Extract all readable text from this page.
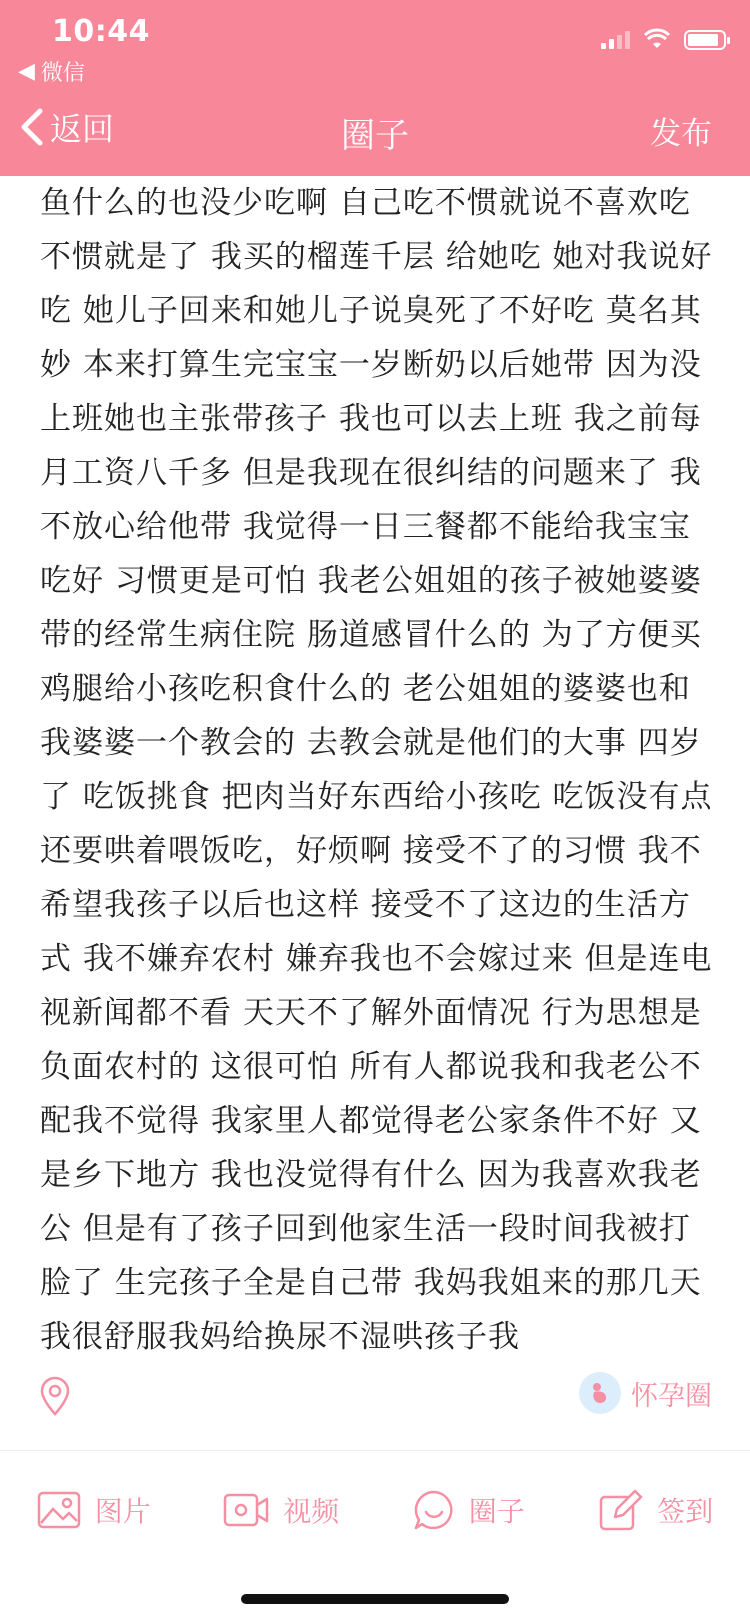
10:44
◀ 微信
返回	圈子	发布
鱼什么的也没少吃啊 自己吃不惯就说不喜欢吃不惯就是了 我买的榴莲千层 给她吃 她对我说好吃 她儿子回来和她儿子说臭死了不好吃 莫名其妙 本来打算生完宝宝一岁断奶以后她带 因为没上班她也主张带孩子 我也可以去上班 我之前每月工资八千多 但是我现在很纠结的问题来了 我不放心给他带 我觉得一日三餐都不能给我宝宝吃好 习惯更是可怕 我老公姐姐的孩子被她婆婆带的经常生病住院 肠道感冒什么的 为了方便买鸡腿给小孩吃积食什么的 老公姐姐的婆婆也和我婆婆一个教会的 去教会就是他们的大事 四岁了 吃饭挑食 把肉当好东西给小孩吃 吃饭没有点 还要哄着喂饭吃，好烦啊 接受不了的习惯 我不希望我孩子以后也这样 接受不了这边的生活方式 我不嫌弃农村 嫌弃我也不会嫁过来 但是连电视新闻都不看 天天不了解外面情况 行为思想是负面农村的 这很可怕 所有人都说我和我老公不配我不觉得 我家里人都觉得老公家条件不好 又是乡下地方 我也没觉得有什么 因为我喜欢我老公 但是有了孩子回到他家生活一段时间我被打脸了 生完孩子全是自己带 我妈我姐来的那几天我很舒服我妈给换尿不湿哄孩子我
怀孕圈
图片	视频	圈子	签到
